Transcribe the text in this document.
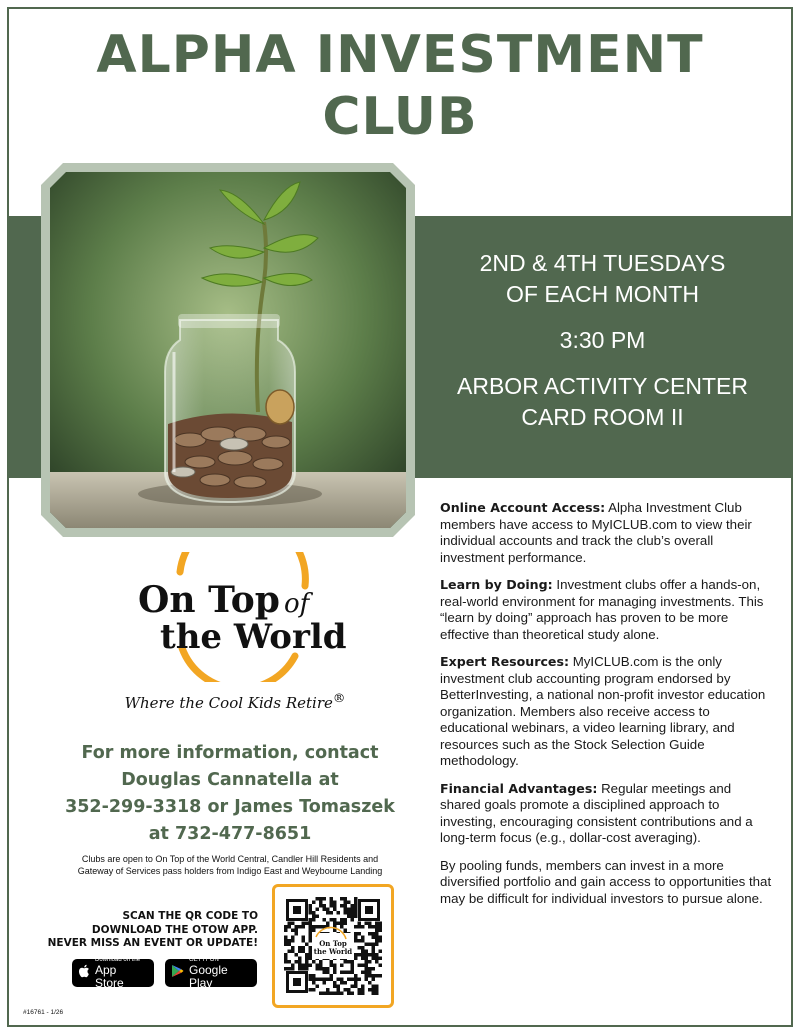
ALPHA INVESTMENT
CLUB
2ND & 4TH TUESDAYS
OF EACH MONTH
3:30 PM
ARBOR ACTIVITY CENTER
CARD ROOM II

Online Account Access: Alpha Investment Club members have access to MyICLUB.com to view their individual accounts and track the club’s overall investment performance.

Learn by Doing: Investment clubs offer a hands-on, real-world environment for managing investments. This “learn by doing” approach has proven to be more effective than theoretical study alone.

Expert Resources: MyICLUB.com is the only investment club accounting program endorsed by BetterInvesting, a national non-profit investor education organization. Members also receive access to educational webinars, a video learning library, and resources such as the Stock Selection Guide methodology.

Financial Advantages: Regular meetings and shared goals promote a disciplined approach to investing, encouraging consistent contributions and a long-term focus (e.g., dollar-cost averaging).

By pooling funds, members can invest in a more diversified portfolio and gain access to opportunities that may be difficult for individual investors to pursue alone.

On Top of
the World
Where the Cool Kids Retire®
For more information, contact
Douglas Cannatella at
352-299-3318 or James Tomaszek
at 732-477-8651
Clubs are open to On Top of the World Central, Candler Hill Residents and
Gateway of Services pass holders from Indigo East and Weybourne Landing
SCAN THE QR CODE TO
DOWNLOAD THE OTOW APP.
NEVER MISS AN EVENT OR UPDATE!
Download on the
App Store
GET IT ON
Google Play
On Top
the World
#16761 - 1/26
